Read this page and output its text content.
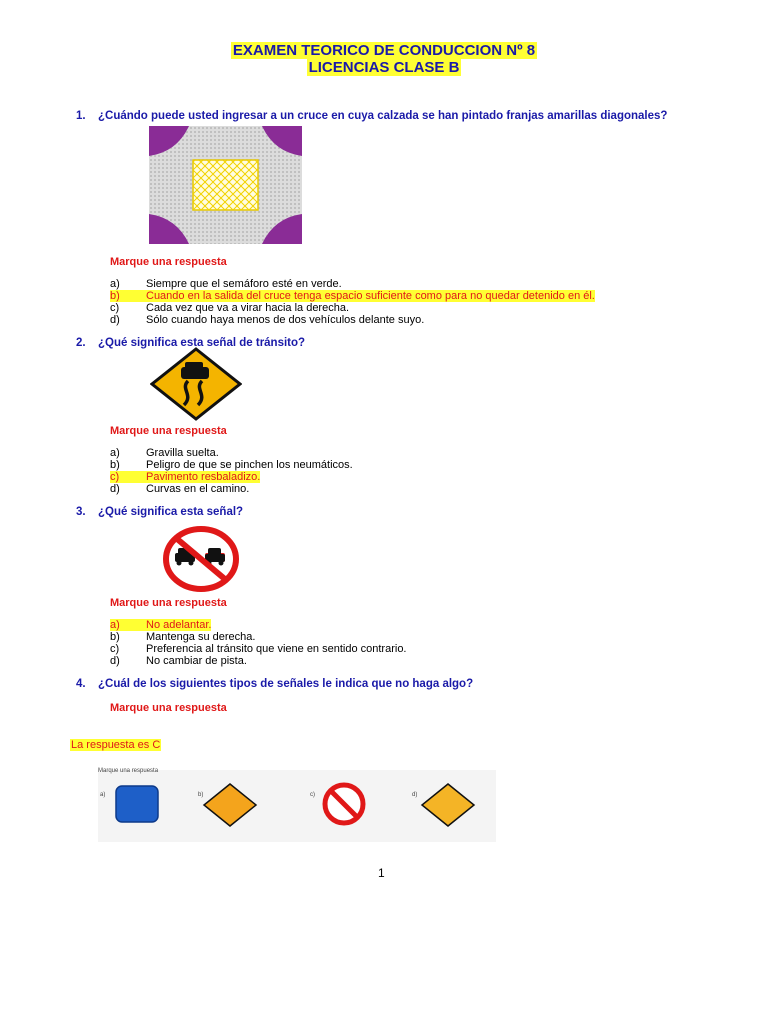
EXAMEN TEORICO DE CONDUCCION Nº 8
LICENCIAS CLASE B
1. ¿Cuándo puede usted ingresar a un cruce en cuya calzada se han pintado franjas amarillas diagonales?
Marque una respuesta
a) Siempre que el semáforo esté en verde.
b) Cuando en la salida del cruce tenga espacio suficiente como para no quedar detenido en él.
c) Cada vez que va a virar hacia la derecha.
d) Sólo cuando haya menos de dos vehículos delante suyo.
2. ¿Qué significa esta señal de tránsito?
Marque una respuesta
a) Gravilla suelta.
b) Peligro de que se pinchen los neumáticos.
c) Pavimento resbaladizo.
d) Curvas en el camino.
3. ¿Qué significa esta señal?
Marque una respuesta
a) No adelantar.
b) Mantenga su derecha.
c) Preferencia al tránsito que viene en sentido contrario.
d) No cambiar de pista.
4. ¿Cuál de los siguientes tipos de señales le indica que no haga algo?
Marque una respuesta
La respuesta es C
Marque una respuesta
a)	b)	c)	d)
1
